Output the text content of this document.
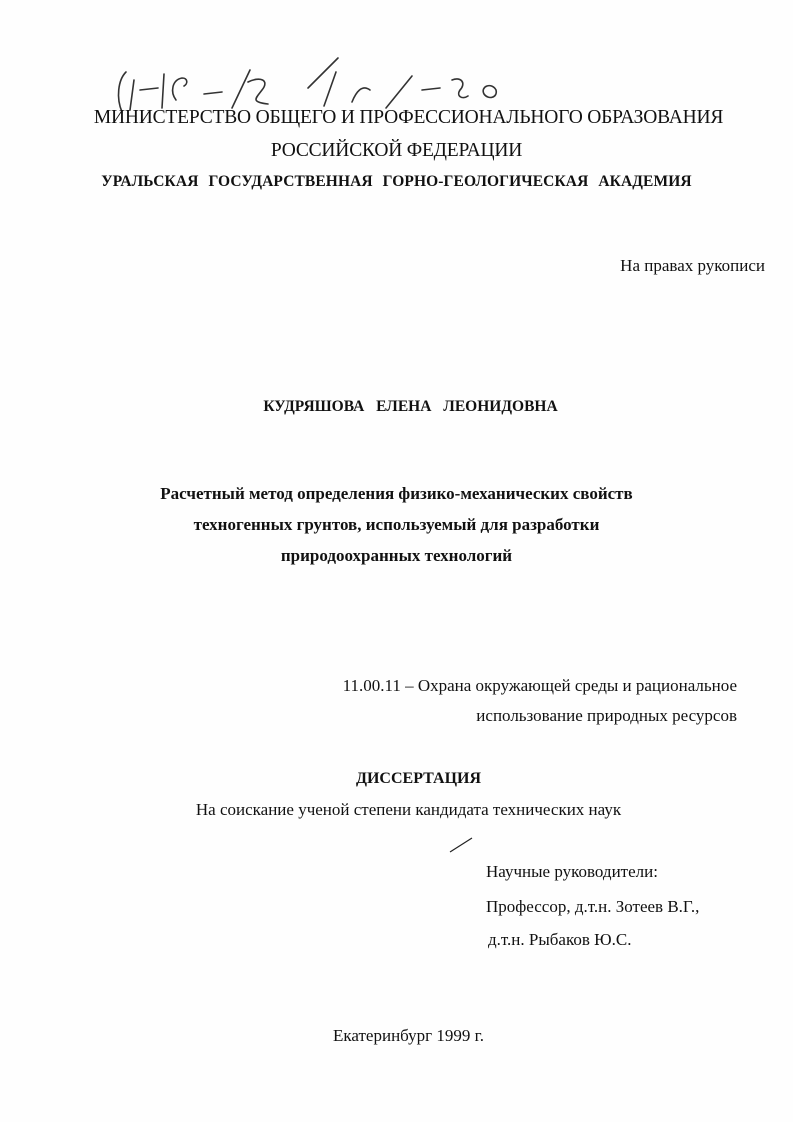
МИНИСТЕРСТВО ОБЩЕГО И ПРОФЕССИОНАЛЬНОГО ОБРАЗОВАНИЯ
РОССИЙСКОЙ ФЕДЕРАЦИИ
УРАЛЬСКАЯ ГОСУДАРСТВЕННАЯ ГОРНО-ГЕОЛОГИЧЕСКАЯ АКАДЕМИЯ
На правах рукописи
КУДРЯШОВА ЕЛЕНА ЛЕОНИДОВНА
Расчетный метод определения физико-механических свойств
техногенных грунтов, используемый для разработки
природоохранных технологий
11.00.11 – Охрана окружающей среды и рациональное
использование природных ресурсов
ДИССЕРТАЦИЯ
На соискание ученой степени кандидата технических наук
Научные руководители:
Профессор, д.т.н. Зотеев В.Г.,
д.т.н. Рыбаков Ю.С.
Екатеринбург 1999 г.
